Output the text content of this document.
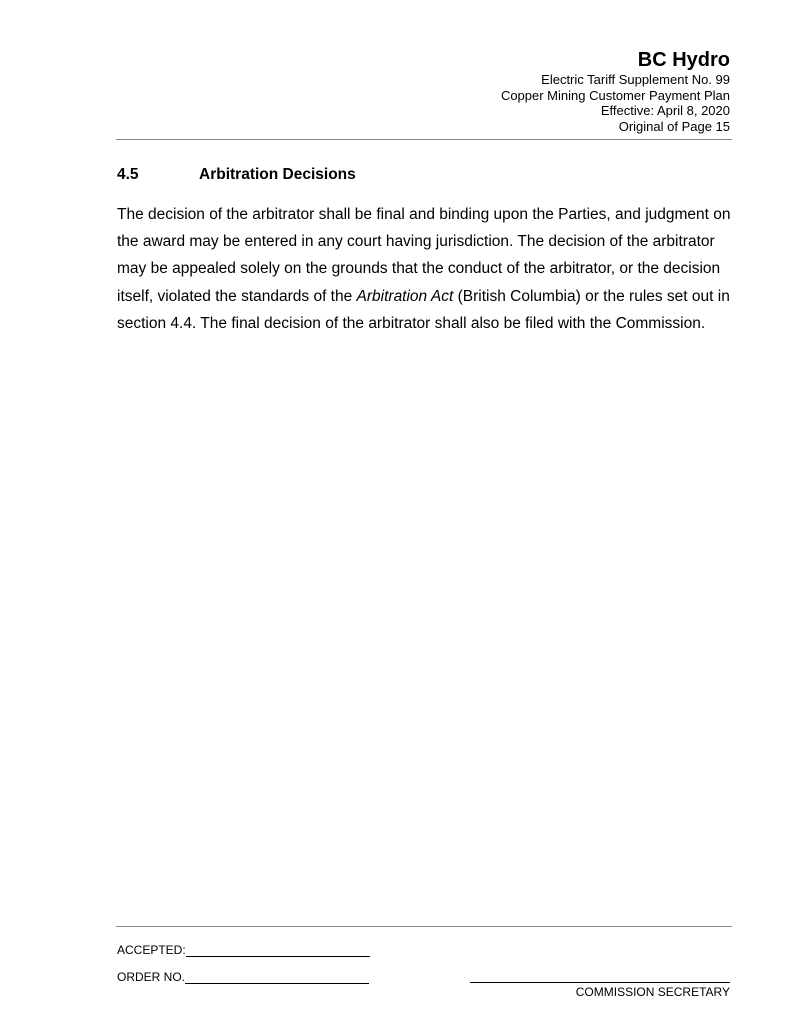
BC Hydro
Electric Tariff Supplement No. 99
Copper Mining Customer Payment Plan
Effective: April 8, 2020
Original of Page 15
4.5	Arbitration Decisions
The decision of the arbitrator shall be final and binding upon the Parties, and judgment on the award may be entered in any court having jurisdiction. The decision of the arbitrator may be appealed solely on the grounds that the conduct of the arbitrator, or the decision itself, violated the standards of the Arbitration Act (British Columbia) or the rules set out in section 4.4. The final decision of the arbitrator shall also be filed with the Commission.
ACCEPTED:
ORDER NO.
COMMISSION SECRETARY
